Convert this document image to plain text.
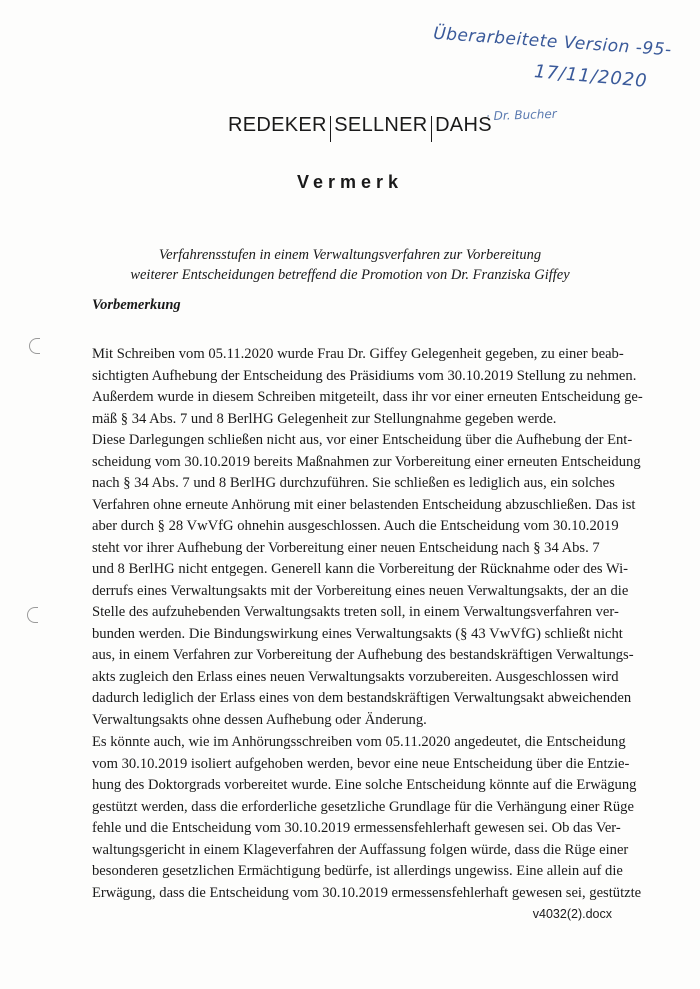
Überarbeitete Version -95-
17/11/2020
· Dr. Bucher
REDEKER SELLNER DAHS
Vermerk
Verfahrensstufen in einem Verwaltungsverfahren zur Vorbereitung
weiterer Entscheidungen betreffend die Promotion von Dr. Franziska Giffey
Vorbemerkung
Mit Schreiben vom 05.11.2020 wurde Frau Dr. Giffey Gelegenheit gegeben, zu einer beab-
sichtigten Aufhebung der Entscheidung des Präsidiums vom 30.10.2019 Stellung zu nehmen.
Außerdem wurde in diesem Schreiben mitgeteilt, dass ihr vor einer erneuten Entscheidung ge-
mäß § 34 Abs. 7 und 8 BerlHG Gelegenheit zur Stellungnahme gegeben werde.
Diese Darlegungen schließen nicht aus, vor einer Entscheidung über die Aufhebung der Ent-
scheidung vom 30.10.2019 bereits Maßnahmen zur Vorbereitung einer erneuten Entscheidung
nach § 34 Abs. 7 und 8 BerlHG durchzuführen. Sie schließen es lediglich aus, ein solches
Verfahren ohne erneute Anhörung mit einer belastenden Entscheidung abzuschließen. Das ist
aber durch § 28 VwVfG ohnehin ausgeschlossen. Auch die Entscheidung vom 30.10.2019
steht vor ihrer Aufhebung der Vorbereitung einer neuen Entscheidung nach § 34 Abs. 7
und 8 BerlHG nicht entgegen. Generell kann die Vorbereitung der Rücknahme oder des Wi-
derrufs eines Verwaltungsakts mit der Vorbereitung eines neuen Verwaltungsakts, der an die
Stelle des aufzuhebenden Verwaltungsakts treten soll, in einem Verwaltungsverfahren ver-
bunden werden. Die Bindungswirkung eines Verwaltungsakts (§ 43 VwVfG) schließt nicht
aus, in einem Verfahren zur Vorbereitung der Aufhebung des bestandskräftigen Verwaltungs-
akts zugleich den Erlass eines neuen Verwaltungsakts vorzubereiten. Ausgeschlossen wird
dadurch lediglich der Erlass eines von dem bestandskräftigen Verwaltungsakt abweichenden
Verwaltungsakts ohne dessen Aufhebung oder Änderung.
Es könnte auch, wie im Anhörungsschreiben vom 05.11.2020 angedeutet, die Entscheidung
vom 30.10.2019 isoliert aufgehoben werden, bevor eine neue Entscheidung über die Entzie-
hung des Doktorgrads vorbereitet wurde. Eine solche Entscheidung könnte auf die Erwägung
gestützt werden, dass die erforderliche gesetzliche Grundlage für die Verhängung einer Rüge
fehle und die Entscheidung vom 30.10.2019 ermessensfehlerhaft gewesen sei. Ob das Ver-
waltungsgericht in einem Klageverfahren der Auffassung folgen würde, dass die Rüge einer
besonderen gesetzlichen Ermächtigung bedürfe, ist allerdings ungewiss. Eine allein auf die
Erwägung, dass die Entscheidung vom 30.10.2019 ermessensfehlerhaft gewesen sei, gestützte
v4032(2).docx
